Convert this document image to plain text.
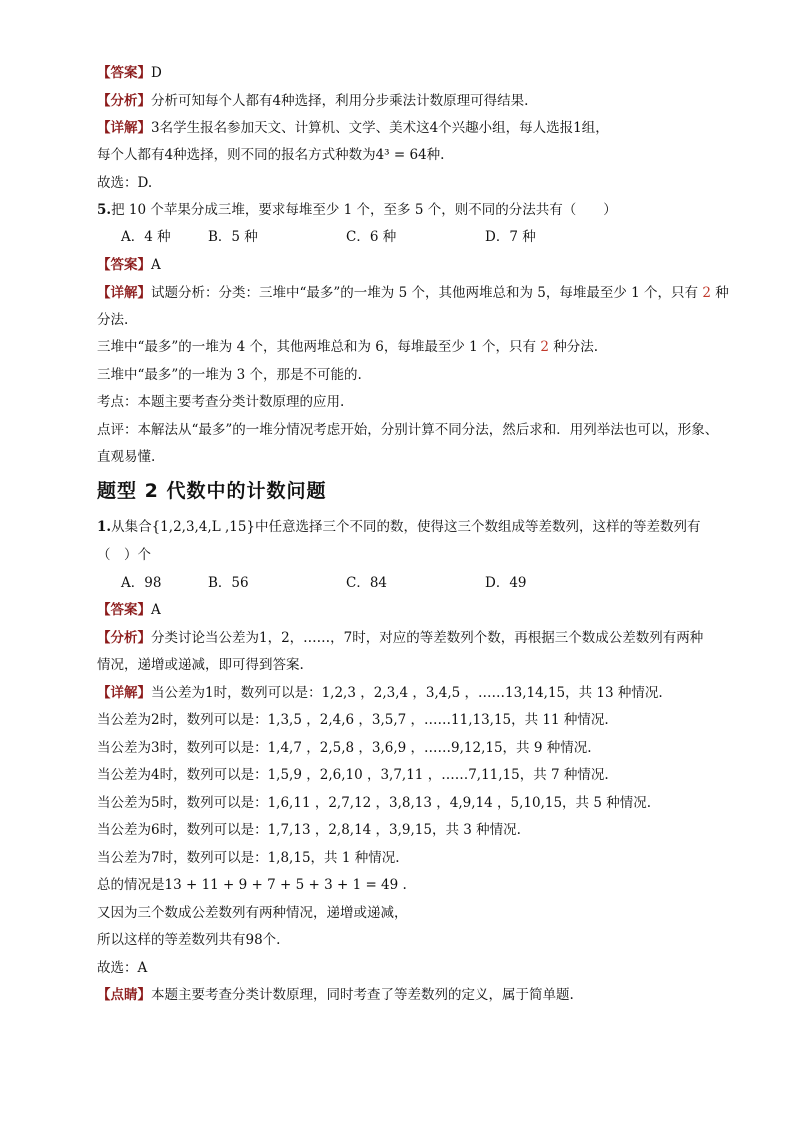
【答案】D
【分析】分析可知每个人都有4种选择，利用分步乘法计数原理可得结果.
【详解】3名学生报名参加天文、计算机、文学、美术这4个兴趣小组，每人选报1组，
每个人都有4种选择，则不同的报名方式种数为4³ = 64种.
故选：D.
5.把 10 个苹果分成三堆，要求每堆至少 1 个，至多 5 个，则不同的分法共有（　　）
A．4 种	B．5 种	C．6 种	D．7 种
【答案】A
【详解】试题分析：分类：三堆中“最多”的一堆为 5 个，其他两堆总和为 5，每堆最至少 1 个，只有 2 种
分法.
三堆中“最多”的一堆为 4 个，其他两堆总和为 6，每堆最至少 1 个，只有 2 种分法.
三堆中“最多”的一堆为 3 个，那是不可能的.
考点：本题主要考查分类计数原理的应用.
点评：本解法从“最多”的一堆分情况考虑开始，分别计算不同分法，然后求和．用列举法也可以，形象、
直观易懂.
题型 2 代数中的计数问题
1.从集合{1,2,3,4,L ,15}中任意选择三个不同的数，使得这三个数组成等差数列，这样的等差数列有
（　）个
A．98	B．56	C．84	D．49
【答案】A
【分析】分类讨论当公差为1，2，……，7时，对应的等差数列个数，再根据三个数成公差数列有两种
情况，递增或递减，即可得到答案.
【详解】当公差为1时，数列可以是：1,2,3 ，2,3,4 ，3,4,5 ，……13,14,15，共 13 种情况.
当公差为2时，数列可以是：1,3,5 ，2,4,6 ，3,5,7 ，……11,13,15，共 11 种情况.
当公差为3时，数列可以是：1,4,7 ，2,5,8 ，3,6,9 ，……9,12,15，共 9 种情况.
当公差为4时，数列可以是：1,5,9 ，2,6,10 ，3,7,11 ，……7,11,15，共 7 种情况.
当公差为5时，数列可以是：1,6,11 ，2,7,12 ，3,8,13 ，4,9,14 ，5,10,15，共 5 种情况.
当公差为6时，数列可以是：1,7,13 ，2,8,14 ，3,9,15，共 3 种情况.
当公差为7时，数列可以是：1,8,15，共 1 种情况.
总的情况是13 + 11 + 9 + 7 + 5 + 3 + 1 = 49 .
又因为三个数成公差数列有两种情况，递增或递减，
所以这样的等差数列共有98个.
故选：A
【点睛】本题主要考查分类计数原理，同时考查了等差数列的定义，属于简单题.
